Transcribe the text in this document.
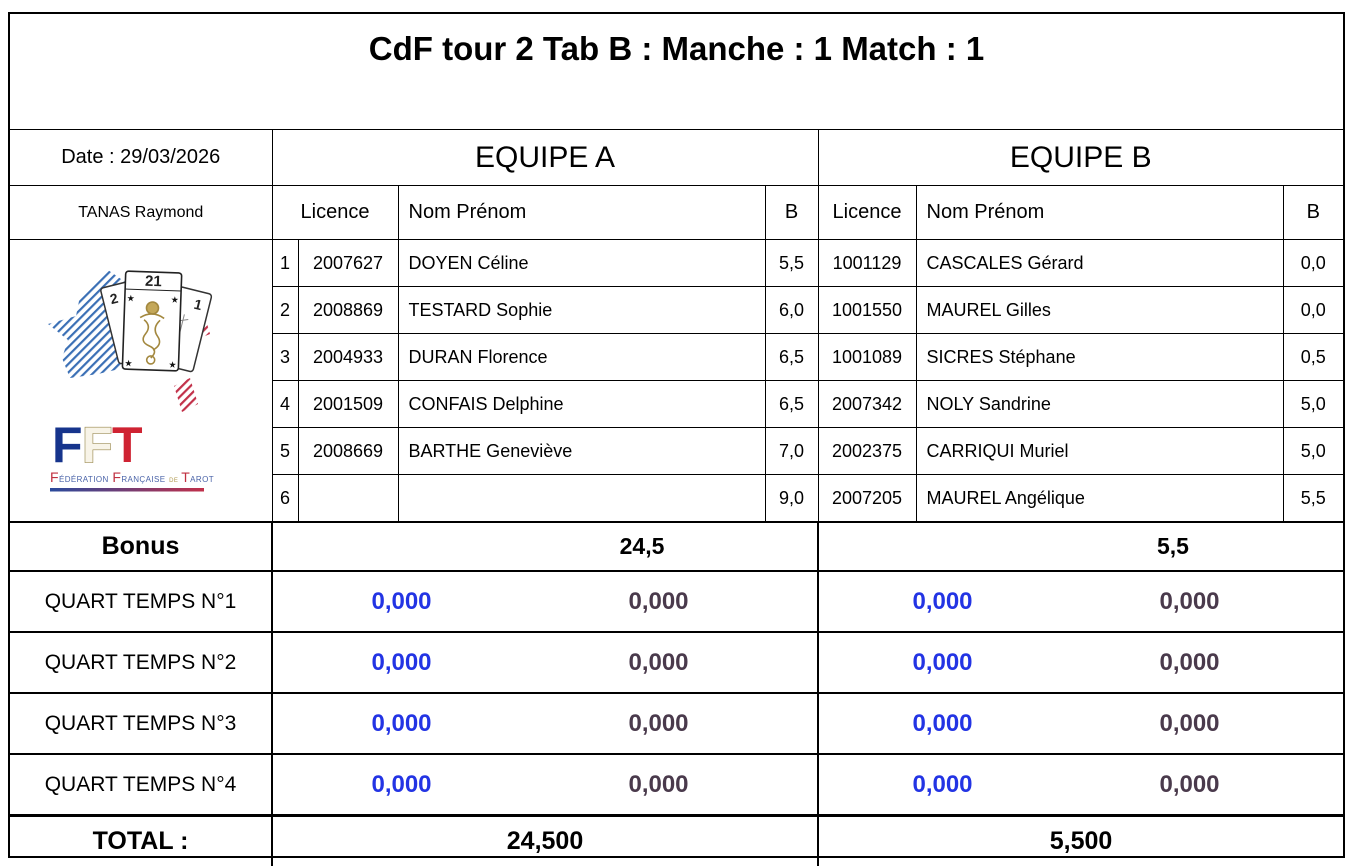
CdF tour 2 Tab B : Manche : 1 Match : 1
Date : 29/03/2026	EQUIPE A				EQUIPE B		
TANAS Raymond	Licence		Nom Prénom	B	Licence	Nom Prénom	B

2	1
21
★	★
★	★
F F T
Fédération Française de Tarot
	1	2007627	DOYEN Céline	5,5	1001129	CASCALES Gérard	0,0
	2	2008869	TESTARD Sophie	6,0	1001550	MAUREL Gilles	0,0
	3	2004933	DURAN Florence	6,5	1001089	SICRES Stéphane	0,5
	4	2001509	CONFAIS Delphine	6,5	2007342	NOLY Sandrine	5,0
	5	2008669	BARTHE Geneviève	7,0	2002375	CARRIQUI Muriel	5,0
	6			9,0	2007205	MAUREL Angélique	5,5
Bonus	24,5				5,5		

QUART TEMPS N°1	0,000 0,000				0,000 0,000		

QUART TEMPS N°2	0,000 0,000				0,000 0,000		

QUART TEMPS N°3	0,000 0,000				0,000 0,000		

QUART TEMPS N°4	0,000 0,000				0,000 0,000		

TOTAL :	24,500				5,500		
